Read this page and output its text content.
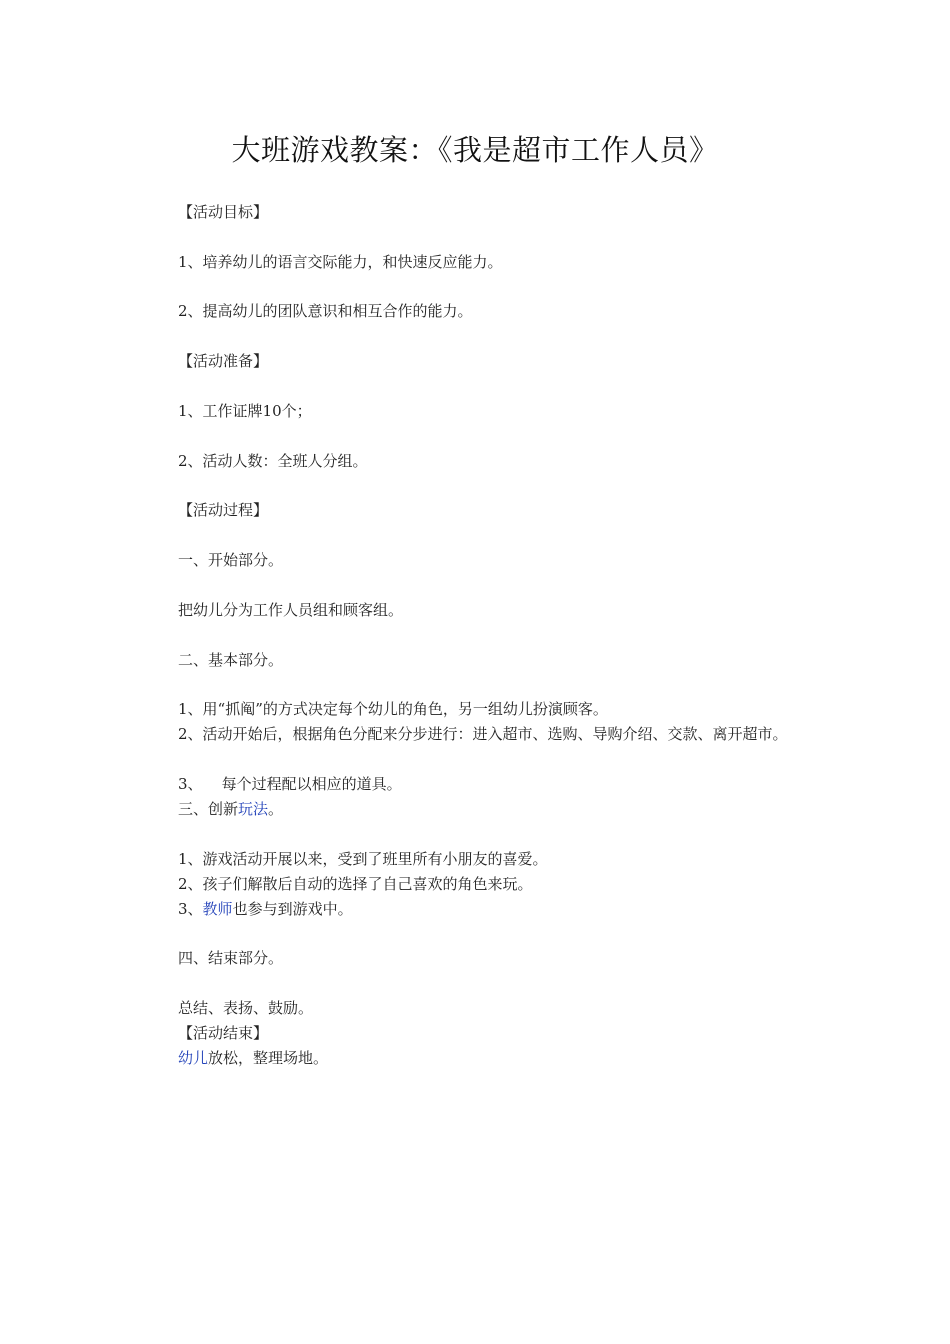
大班游戏教案：《我是超市工作人员》
【活动目标】
1、培养幼儿的语言交际能力，和快速反应能力。
2、提高幼儿的团队意识和相互合作的能力。
【活动准备】
1、工作证牌10个；
2、活动人数：全班人分组。
【活动过程】
一、开始部分。
把幼儿分为工作人员组和顾客组。
二、基本部分。
1、用“抓阄”的方式决定每个幼儿的角色，另一组幼儿扮演顾客。
2、活动开始后，根据角色分配来分步进行：进入超市、选购、导购介绍、交款、离开超市。
3、    每个过程配以相应的道具。
三、创新玩法。
1、游戏活动开展以来，受到了班里所有小朋友的喜爱。
2、孩子们解散后自动的选择了自己喜欢的角色来玩。
3、教师也参与到游戏中。
四、结束部分。
总结、表扬、鼓励。
【活动结束】
幼儿放松，整理场地。
